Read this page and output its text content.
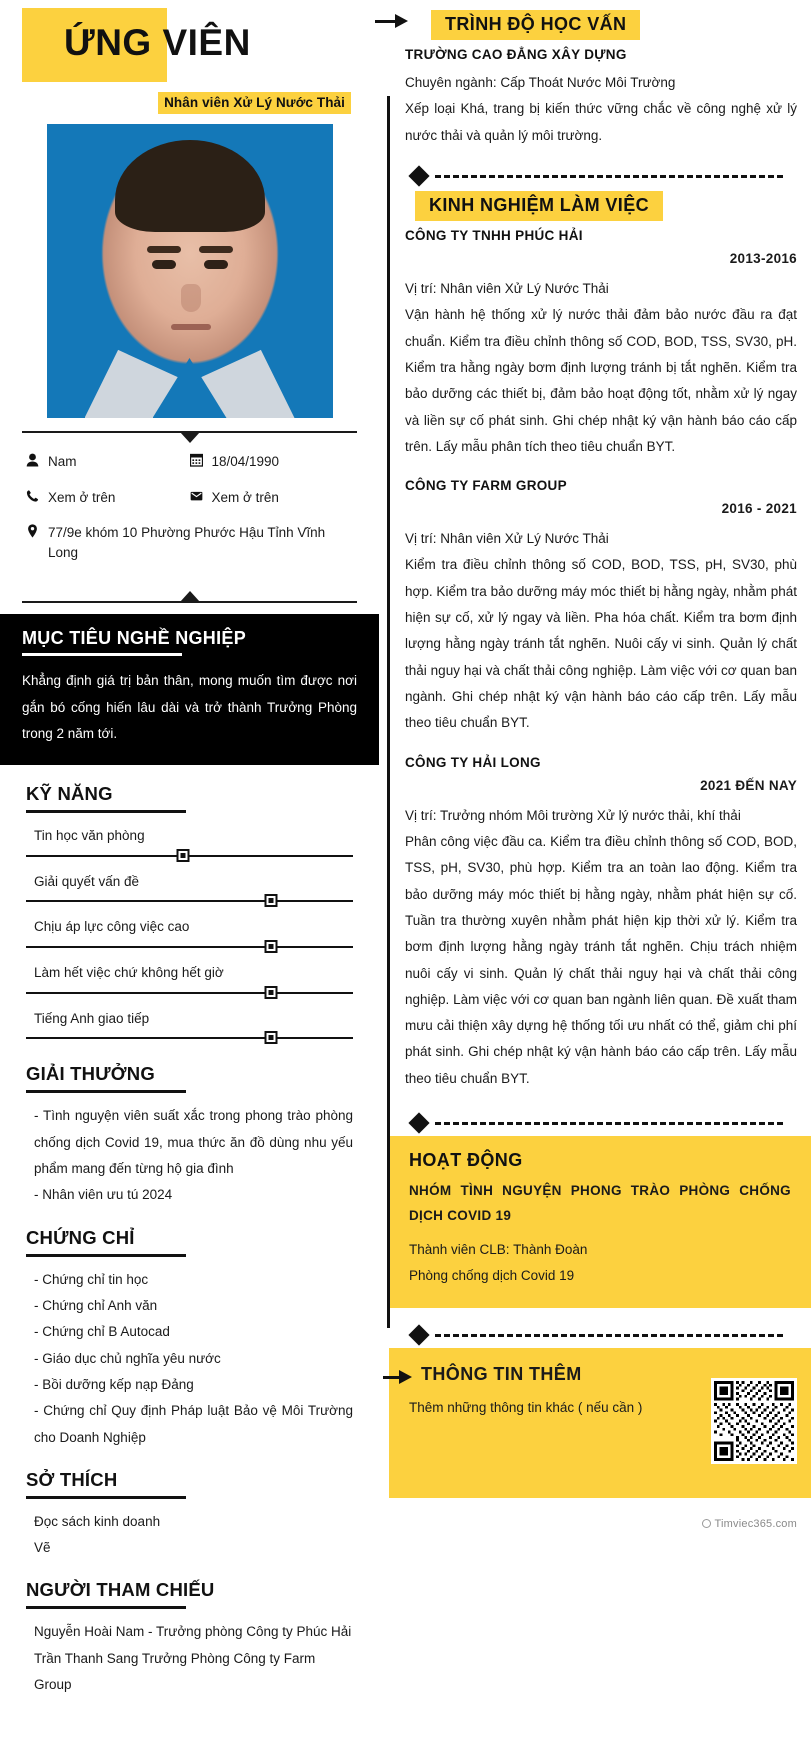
ỨNG VIÊN
Nhân viên Xử Lý Nước Thải
Nam	18/04/1990
Xem ở trên	Xem ở trên
77/9e khóm 10 Phường Phước Hậu Tỉnh Vĩnh Long
MỤC TIÊU NGHỀ NGHIỆP
Khẳng định giá trị bản thân, mong muốn tìm được nơi gắn bó cống hiến lâu dài và trở thành Trưởng Phòng trong 2 năm tới.
KỸ NĂNG
Tin học văn phòng
Giải quyết vấn đề
Chịu áp lực công việc cao
Làm hết việc chứ không hết giờ
Tiếng Anh giao tiếp
GIẢI THƯỞNG

- Tình nguyện viên suất xắc trong phong trào phòng chống dịch Covid 19, mua thức ăn đồ dùng nhu yếu phẩm mang đến từng hộ gia đình

- Nhân viên ưu tú 2024

CHỨNG CHỈ

- Chứng chỉ tin học

- Chứng chỉ Anh văn

- Chứng chỉ B Autocad

- Giáo dục chủ nghĩa yêu nước

- Bồi dưỡng kếp nạp Đảng

- Chứng chỉ Quy định Pháp luật Bảo vệ Môi Trường cho Doanh Nghiệp

SỞ THÍCH

Đọc sách kinh doanh

Vẽ

NGƯỜI THAM CHIẾU

Nguyễn Hoài Nam - Trưởng phòng Công ty Phúc Hải

Trần Thanh Sang Trưởng Phòng Công ty Farm Group

TRÌNH ĐỘ HỌC VẤN
TRƯỜNG CAO ĐẲNG XÂY DỰNG
Chuyên ngành: Cấp Thoát Nước Môi Trường
Xếp loại Khá, trang bị kiến thức vững chắc về công nghệ xử lý nước thải và quản lý môi trường.
KINH NGHIỆM LÀM VIỆC
CÔNG TY TNHH PHÚC HẢI
2013-2016
Vị trí: Nhân viên Xử Lý Nước Thải
Vận hành hệ thống xử lý nước thải đảm bảo nước đầu ra đạt chuẩn. Kiểm tra điều chỉnh thông số COD, BOD, TSS, SV30, pH. Kiểm tra hằng ngày bơm định lượng tránh bị tắt nghẽn. Kiểm tra bảo dưỡng các thiết bị, đảm bảo hoạt động tốt, nhằm xử lý ngay và liền sự cố phát sinh. Ghi chép nhật ký vận hành báo cáo cấp trên. Lấy mẫu phân tích theo tiêu chuẩn BYT.
CÔNG TY FARM GROUP
2016 - 2021
Vị trí: Nhân viên Xử Lý Nước Thải
Kiểm tra điều chỉnh thông số COD, BOD, TSS, pH, SV30, phù hợp. Kiểm tra bảo dưỡng máy móc thiết bị hằng ngày, nhằm phát hiện sự cố, xử lý ngay và liền. Pha hóa chất. Kiểm tra bơm định lượng hằng ngày tránh tắt nghẽn. Nuôi cấy vi sinh. Quản lý chất thải nguy hại và chất thải công nghiệp. Làm việc với cơ quan ban ngành. Ghi chép nhật ký vận hành báo cáo cấp trên. Lấy mẫu theo tiêu chuẩn BYT.
CÔNG TY HẢI LONG
2021 ĐẾN NAY
Vị trí: Trưởng nhóm Môi trường Xử lý nước thải, khí thải
Phân công việc đầu ca. Kiểm tra điều chỉnh thông số COD, BOD, TSS, pH, SV30, phù hợp. Kiểm tra an toàn lao động. Kiểm tra bảo dưỡng máy móc thiết bị hằng ngày, nhằm phát hiện sự cố. Tuần tra thường xuyên nhằm phát hiện kịp thời xử lý. Kiểm tra bơm định lượng hằng ngày tránh tắt nghẽn. Chịu trách nhiệm nuôi cấy vi sinh. Quản lý chất thải nguy hại và chất thải công nghiệp. Làm việc với cơ quan ban ngành liên quan. Đề xuất tham mưu cải thiện xây dựng hệ thống tối ưu nhất có thể, giảm chi phí phát sinh. Ghi chép nhật ký vận hành báo cáo cấp trên. Lấy mẫu theo tiêu chuẩn BYT.
HOẠT ĐỘNG
NHÓM TÌNH NGUYỆN PHONG TRÀO PHÒNG CHỐNG DỊCH COVID 19

Thành viên CLB: Thành Đoàn

Phòng chống dịch Covid 19

THÔNG TIN THÊM
Thêm những thông tin khác ( nếu cần )
Timviec365.com
